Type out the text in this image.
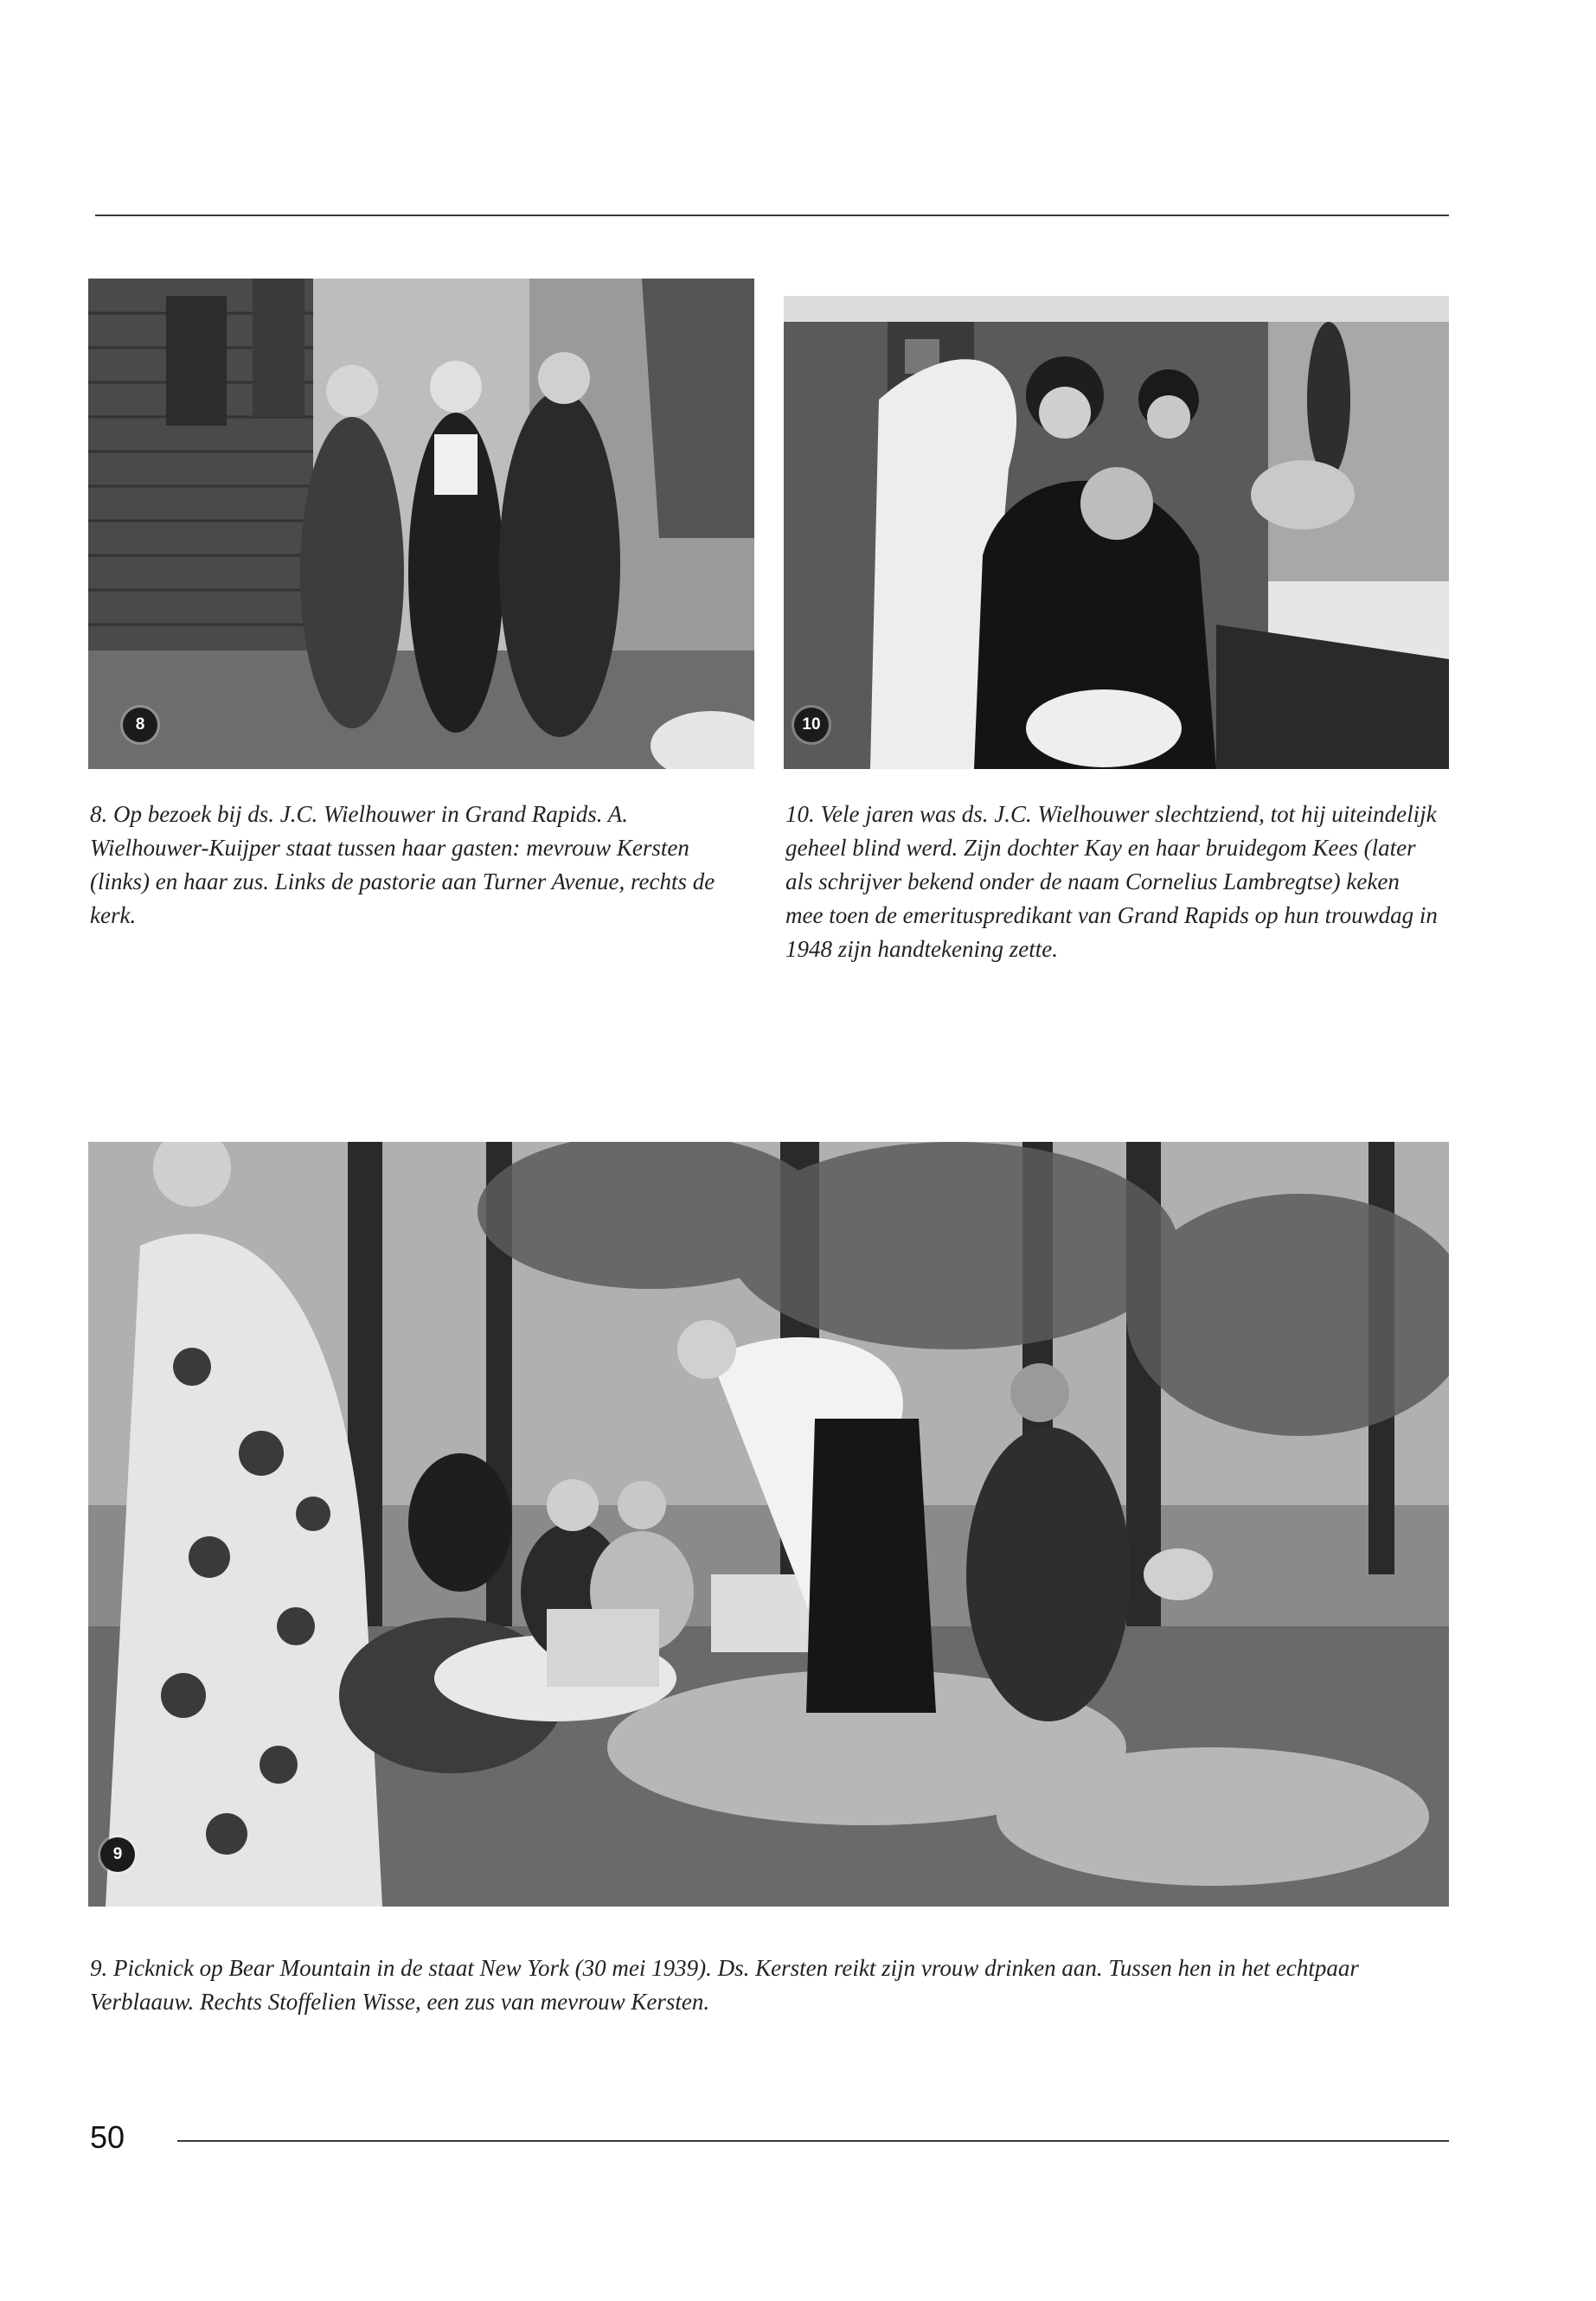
8	10
8. Op bezoek bij ds. J.C. Wielhouwer in Grand Rapids. A. Wielhouwer-Kuijper staat tussen haar gasten: mevrouw Kersten (links) en haar zus. Links de pastorie aan Turner Avenue, rechts de kerk.
10. Vele jaren was ds. J.C. Wielhouwer slechtziend, tot hij uiteindelijk geheel blind werd. Zijn dochter Kay en haar bruidegom Kees (later als schrijver bekend onder de naam Cornelius Lambregtse) keken mee toen de emerituspredikant van Grand Rapids op hun trouwdag in 1948 zijn handtekening zette.
9
9. Picknick op Bear Mountain in de staat New York (30 mei 1939). Ds. Kersten reikt zijn vrouw drinken aan. Tussen hen in het echtpaar Verblaauw. Rechts Stoffelien Wisse, een zus van mevrouw Kersten.
50
